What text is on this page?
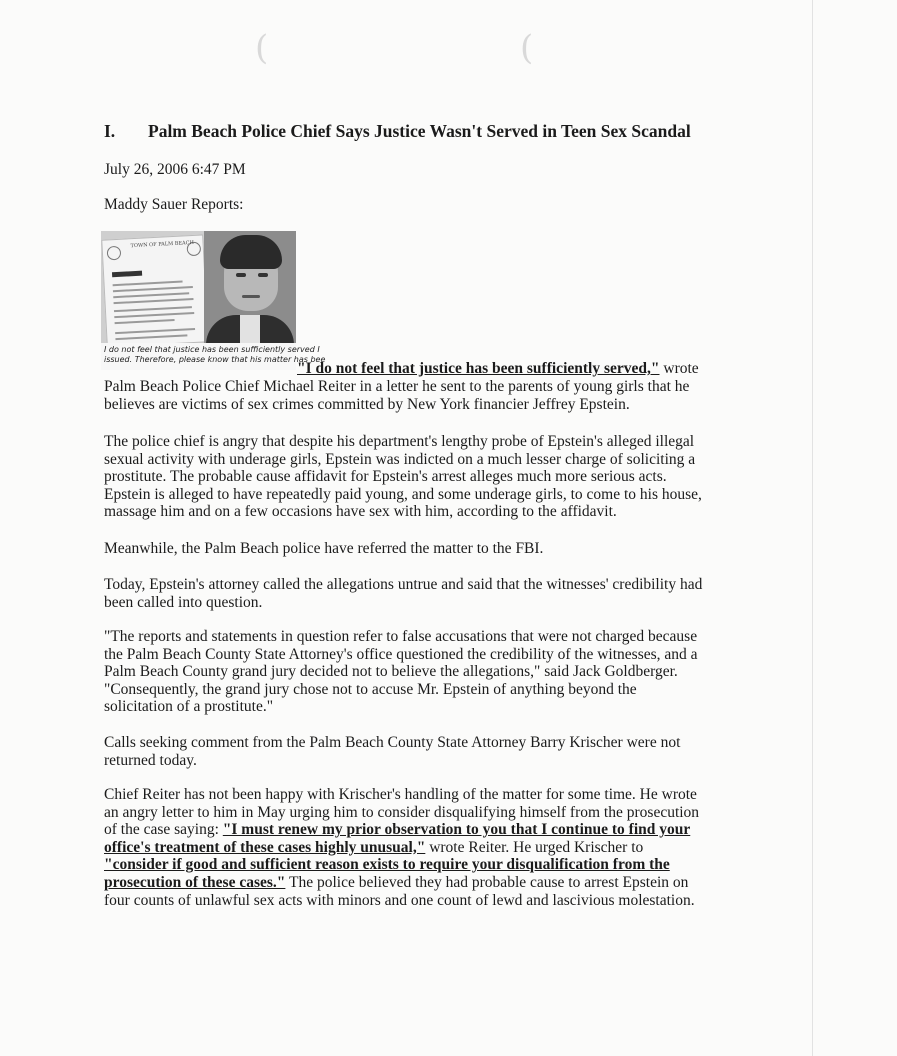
(	(
I. Palm Beach Police Chief Says Justice Wasn't Served in Teen Sex Scandal
July 26, 2006 6:47 PM
Maddy Sauer Reports:
TOWN OF PALM BEACH
I do not feel that justice has been sufficiently served I
issued. Therefore, please know that his matter has bee
"I do not feel that justice has been sufficiently served," wrote
Palm Beach Police Chief Michael Reiter in a letter he sent to the parents of young girls that he
believes are victims of sex crimes committed by New York financier Jeffrey Epstein.
The police chief is angry that despite his department's lengthy probe of Epstein's alleged illegal
sexual activity with underage girls, Epstein was indicted on a much lesser charge of soliciting a
prostitute. The probable cause affidavit for Epstein's arrest alleges much more serious acts.
Epstein is alleged to have repeatedly paid young, and some underage girls, to come to his house,
massage him and on a few occasions have sex with him, according to the affidavit.
Meanwhile, the Palm Beach police have referred the matter to the FBI.
Today, Epstein's attorney called the allegations untrue and said that the witnesses' credibility had
been called into question.
"The reports and statements in question refer to false accusations that were not charged because
the Palm Beach County State Attorney's office questioned the credibility of the witnesses, and a
Palm Beach County grand jury decided not to believe the allegations," said Jack Goldberger.
"Consequently, the grand jury chose not to accuse Mr. Epstein of anything beyond the
solicitation of a prostitute."
Calls seeking comment from the Palm Beach County State Attorney Barry Krischer were not
returned today.
Chief Reiter has not been happy with Krischer's handling of the matter for some time. He wrote
an angry letter to him in May urging him to consider disqualifying himself from the prosecution
of the case saying: "I must renew my prior observation to you that I continue to find your
office's treatment of these cases highly unusual," wrote Reiter. He urged Krischer to
"consider if good and sufficient reason exists to require your disqualification from the
prosecution of these cases." The police believed they had probable cause to arrest Epstein on
four counts of unlawful sex acts with minors and one count of lewd and lascivious molestation.
